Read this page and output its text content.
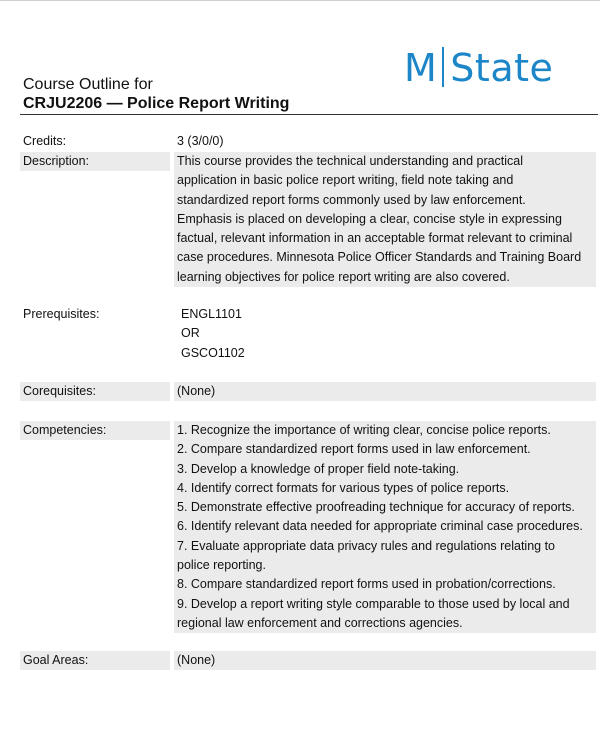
M State
Course Outline for
CRJU2206 — Police Report Writing
Credits:	3 (3/0/0)
Description:	This course provides the technical understanding and practical
application in basic police report writing, field note taking and
standardized report forms commonly used by law enforcement.
Emphasis is placed on developing a clear, concise style in expressing
factual, relevant information in an acceptable format relevant to criminal
case procedures. Minnesota Police Officer Standards and Training Board
learning objectives for police report writing are also covered.
Prerequisites:	ENGL1101
OR
GSCO1102
Corequisites:	(None)
Competencies:	1. Recognize the importance of writing clear, concise police reports.
2. Compare standardized report forms used in law enforcement.
3. Develop a knowledge of proper field note-taking.
4. Identify correct formats for various types of police reports.
5. Demonstrate effective proofreading technique for accuracy of reports.
6. Identify relevant data needed for appropriate criminal case procedures.
7. Evaluate appropriate data privacy rules and regulations relating to
police reporting.
8. Compare standardized report forms used in probation/corrections.
9. Develop a report writing style comparable to those used by local and
regional law enforcement and corrections agencies.
Goal Areas:	(None)
